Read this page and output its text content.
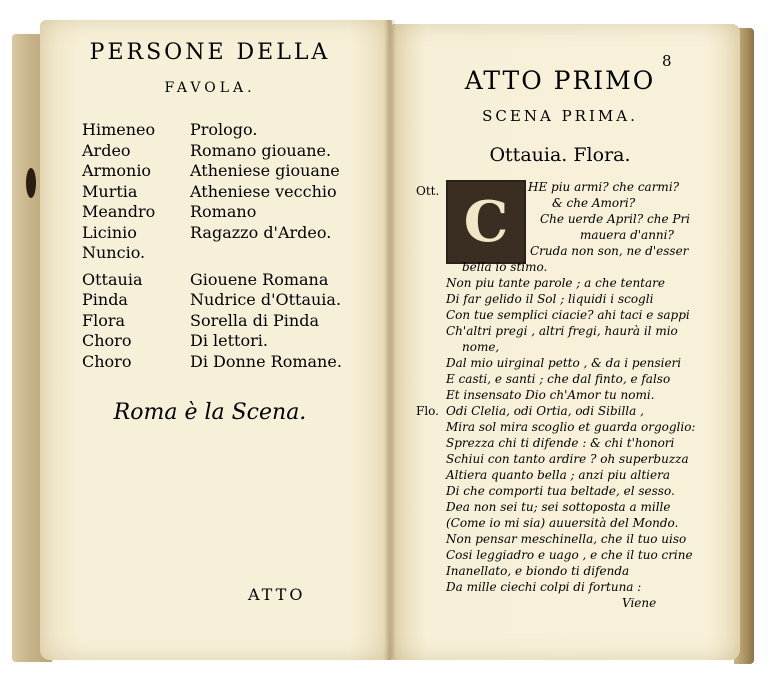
PERSONE DELLA
FAVOLA.
Himeneo	Prologo.
Ardeo	Romano giouane.
Armonio	Atheniese giouane
Murtia	Atheniese vecchio
Meandro	Romano
Licinio	Ragazzo d'Ardeo.
Nuncio.
Ottauia	Giouene Romana
Pinda	Nudrice d'Ottauia.
Flora	Sorella di Pinda
Choro	Di lettori.
Choro	Di Donne Romane.
Roma è la Scena.
ATTO
8
ATTO PRIMO
SCENA PRIMA.
Ottauia. Flora.
Ott. C
HE piu armi? che carmi?
& che Amori?
Che uerde April? che Pri
mauera d'anni?
Cruda non son, ne d'esser
bella io stimo.
Non piu tante parole ; a che tentare
Di far gelido il Sol ; liquidi i scogli
Con tue semplici ciacie? ahi taci e sappi
Ch'altri pregi , altri fregi, haurà il mio
nome,
Dal mio uirginal petto , & da i pensieri
E casti, e santi ; che dal finto, e falso
Et insensato Dio ch'Amor tu nomi.
Flo. Odi Clelia, odi Ortia, odi Sibilla ,
Mira sol mira scoglio et guarda orgoglio:
Sprezza chi ti difende : & chi t'honori
Schiui con tanto ardire ? oh superbuzza
Altiera quanto bella ; anzi piu altiera
Di che comporti tua beltade, el sesso.
Dea non sei tu; sei sottoposta a mille
(Come io mi sia) auuersità del Mondo.
Non pensar meschinella, che il tuo uiso
Cosi leggiadro e uago , e che il tuo crine
Inanellato, e biondo ti difenda
Da mille ciechi colpi di fortuna :
Viene
